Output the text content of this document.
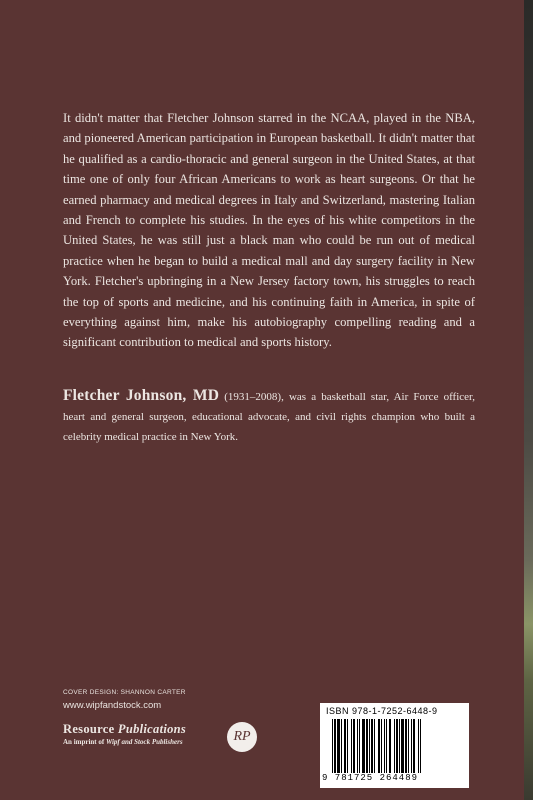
It didn't matter that Fletcher Johnson starred in the NCAA, played in the NBA, and pioneered American participation in European basketball. It didn't matter that he qualified as a cardio-thoracic and general surgeon in the United States, at that time one of only four African Americans to work as heart surgeons. Or that he earned pharmacy and medical degrees in Italy and Switzerland, mastering Italian and French to complete his studies. In the eyes of his white competitors in the United States, he was still just a black man who could be run out of medical practice when he began to build a medical mall and day surgery facility in New York. Fletcher's upbringing in a New Jersey factory town, his struggles to reach the top of sports and medicine, and his continuing faith in America, in spite of everything against him, make his autobiography compelling reading and a significant contribution to medical and sports history.

Fletcher Johnson, MD (1931–2008), was a basketball star, Air Force officer, heart and general surgeon, educational advocate, and civil rights champion who built a celebrity medical practice in New York.

COVER DESIGN: SHANNON CARTER
www.wipfandstock.com
Resource Publications
An imprint of Wipf and Stock Publishers	RP
ISBN 978-1-7252-6448-9
9 781725 264489
